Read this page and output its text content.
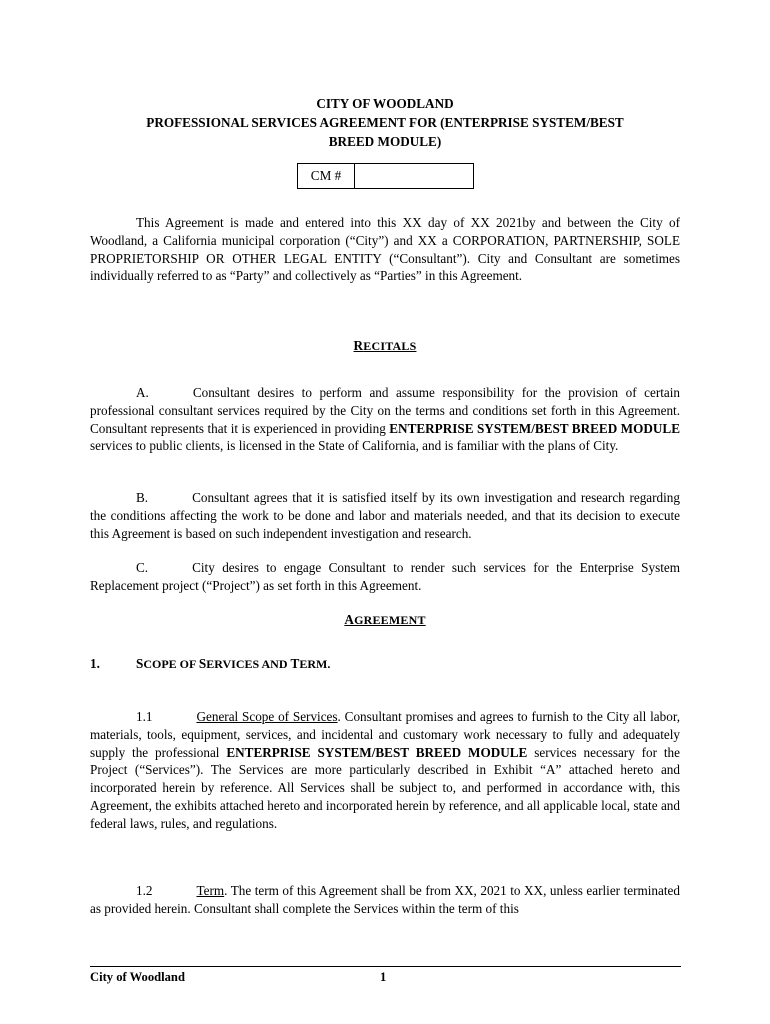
CITY OF WOODLAND
PROFESSIONAL SERVICES AGREEMENT FOR (ENTERPRISE SYSTEM/BEST
BREED MODULE)
CM #
This Agreement is made and entered into this XX day of XX 2021by and between the City of Woodland, a California municipal corporation (“City”) and XX a CORPORATION, PARTNERSHIP, SOLE PROPRIETORSHIP OR OTHER LEGAL ENTITY (“Consultant”). City and Consultant are sometimes individually referred to as “Party” and collectively as “Parties” in this Agreement.
RECITALS
A.	Consultant desires to perform and assume responsibility for the provision of certain professional consultant services required by the City on the terms and conditions set forth in this Agreement. Consultant represents that it is experienced in providing ENTERPRISE SYSTEM/BEST BREED MODULE services to public clients, is licensed in the State of California, and is familiar with the plans of City.
B.	Consultant agrees that it is satisfied itself by its own investigation and research regarding the conditions affecting the work to be done and labor and materials needed, and that its decision to execute this Agreement is based on such independent investigation and research.
C.	City desires to engage Consultant to render such services for the Enterprise System Replacement project (“Project”) as set forth in this Agreement.
AGREEMENT
1.	SCOPE OF SERVICES AND TERM.
1.1	General Scope of Services. Consultant promises and agrees to furnish to the City all labor, materials, tools, equipment, services, and incidental and customary work necessary to fully and adequately supply the professional ENTERPRISE SYSTEM/BEST BREED MODULE services necessary for the Project (“Services”). The Services are more particularly described in Exhibit “A” attached hereto and incorporated herein by reference. All Services shall be subject to, and performed in accordance with, this Agreement, the exhibits attached hereto and incorporated herein by reference, and all applicable local, state and federal laws, rules, and regulations.
1.2	Term. The term of this Agreement shall be from XX, 2021 to XX, unless earlier terminated as provided herein. Consultant shall complete the Services within the term of this
City of Woodland	1
